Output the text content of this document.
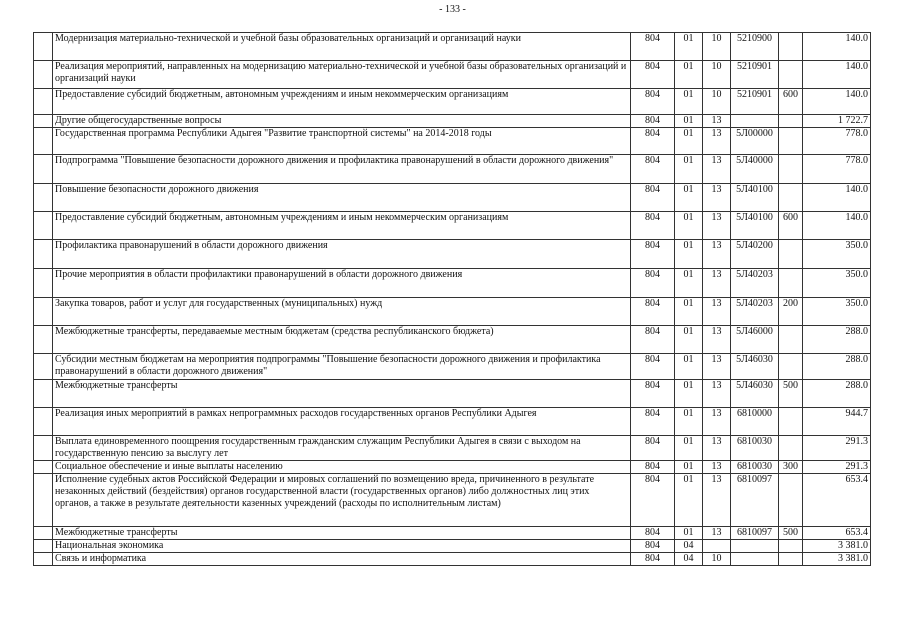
- 133 -
	Модернизация материально-технической и учебной базы образовательных организаций и организаций науки	804	01	10	5210900		140.0
	Реализация мероприятий, направленных на модернизацию материально-технической и учебной базы образовательных организаций и организаций науки	804	01	10	5210901		140.0
	Предоставление субсидий бюджетным, автономным учреждениям и иным некоммерческим организациям	804	01	10	5210901	600	140.0
	Другие общегосударственные вопросы	804	01	13			1 722.7
	Государственная программа Республики Адыгея "Развитие транспортной системы" на 2014-2018 годы	804	01	13	5Л00000		778.0
	Подпрограмма "Повышение безопасности дорожного движения и профилактика правонарушений в области дорожного движения"	804	01	13	5Л40000		778.0
	Повышение безопасности дорожного движения	804	01	13	5Л40100		140.0
	Предоставление субсидий бюджетным, автономным учреждениям и иным некоммерческим организациям	804	01	13	5Л40100	600	140.0
	Профилактика правонарушений в области дорожного движения	804	01	13	5Л40200		350.0
	Прочие мероприятия в области профилактики правонарушений в области дорожного движения	804	01	13	5Л40203		350.0
	Закупка товаров, работ и услуг для государственных (муниципальных) нужд	804	01	13	5Л40203	200	350.0
	Межбюджетные трансферты, передаваемые местным бюджетам (средства республиканского бюджета)	804	01	13	5Л46000		288.0
	Субсидии местным бюджетам на мероприятия подпрограммы "Повышение безопасности дорожного движения и профилактика правонарушений в области дорожного движения"	804	01	13	5Л46030		288.0
	Межбюджетные трансферты	804	01	13	5Л46030	500	288.0
	Реализация иных мероприятий в рамках непрограммных расходов государственных органов Республики Адыгея	804	01	13	6810000		944.7
	Выплата единовременного поощрения государственным гражданским служащим Республики Адыгея в связи с выходом на государственную пенсию за выслугу лет	804	01	13	6810030		291.3
	Социальное обеспечение и иные выплаты населению	804	01	13	6810030	300	291.3
	Исполнение судебных актов Российской Федерации и мировых соглашений по возмещению вреда, причиненного в результате незаконных действий (бездействия) органов государственной власти (государственных органов) либо должностных лиц этих органов, а также в результате деятельности казенных учреждений (расходы по исполнительным листам)	804	01	13	6810097		653.4
	Межбюджетные трансферты	804	01	13	6810097	500	653.4
	Национальная экономика	804	04				3 381.0
	Связь и информатика	804	04	10			3 381.0
